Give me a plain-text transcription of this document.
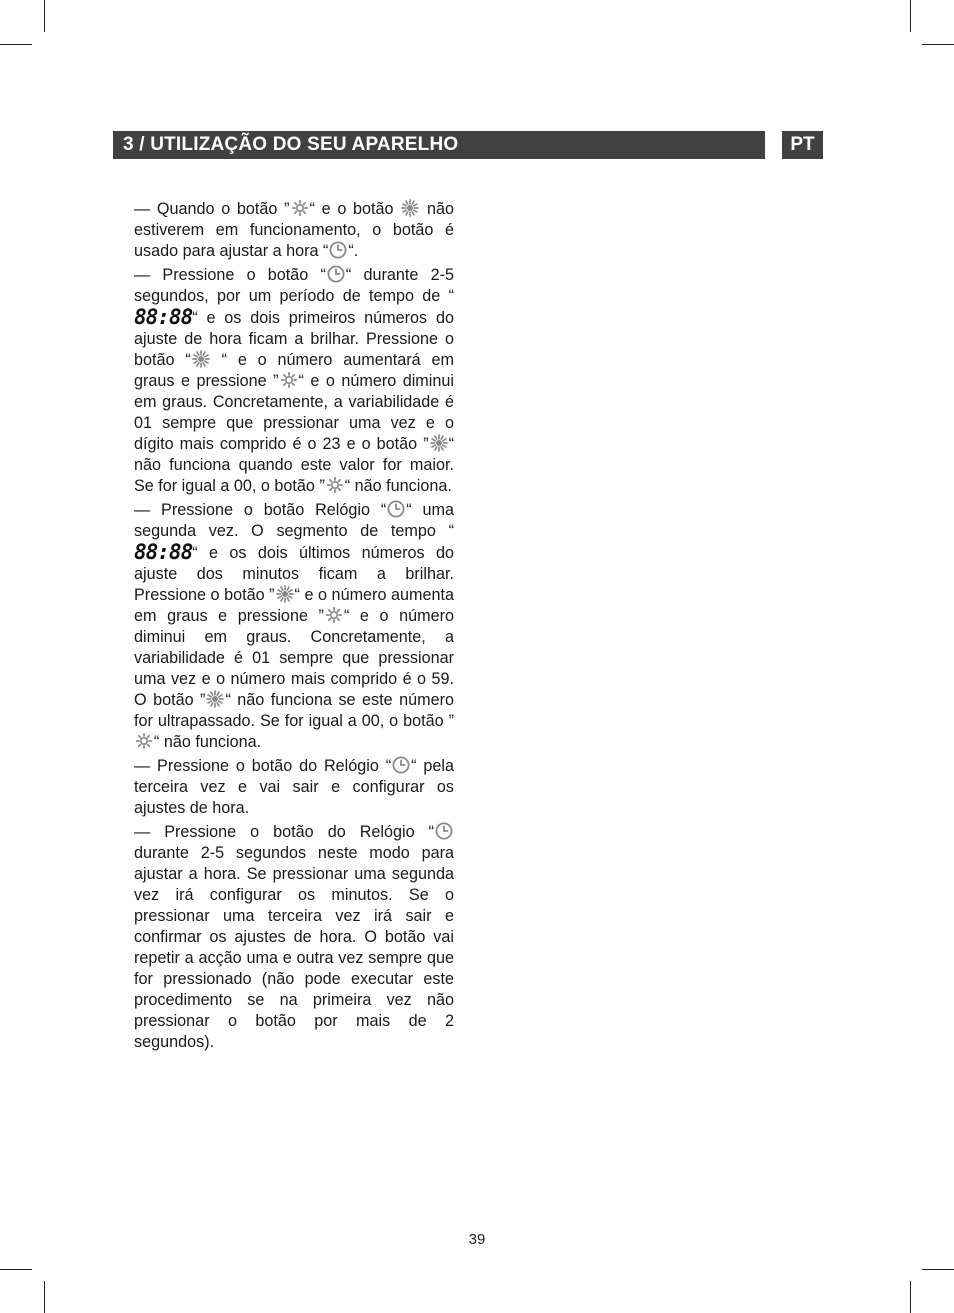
3 / UTILIZAÇÃO DO SEU APARELHO	PT

— Quando o botão ” “ e o botão
não estiverem em funcionamento, o botão é usado para ajustar a hora “ “.

— Pressione o botão “ “ durante 2-5 segundos, por um período de tempo de “88:88“ e os dois primeiros números do ajuste de hora ficam a brilhar. Pressione o botão “
“ e o número aumentará em graus e pressione ” “ e o número diminui em graus. Concretamente, a variabilidade é 01 sempre que pressionar uma vez e o dígito mais comprido é o 23 e o botão ” “ não funciona quando este valor for maior. Se for igual a 00, o botão ” “ não funciona.

— Pressione o botão Relógio “ “ uma segunda vez. O segmento de tempo “88:88“ e os dois últimos números do ajuste dos minutos ficam a brilhar. Pressione o botão ” “ e o número aumenta em graus e pressione ” “ e o número diminui em graus. Concretamente, a variabilidade é 01 sempre que pressionar uma vez e o número mais comprido é o 59. O botão ” “ não funciona se este número for ultrapassado. Se for igual a 00, o botão ”
“ não funciona.

— Pressione o botão do Relógio “ “ pela terceira vez e vai sair e configurar os ajustes de hora.

— Pressione o botão do Relógio “
durante 2-5 segundos neste modo para ajustar a hora. Se pressionar uma segunda vez irá configurar os minutos. Se o pressionar uma terceira vez irá sair e confirmar os ajustes de hora. O botão vai repetir a acção uma e outra vez sempre que for pressionado (não pode executar este procedimento se na primeira vez não pressionar o botão por mais de 2 segundos).

39
